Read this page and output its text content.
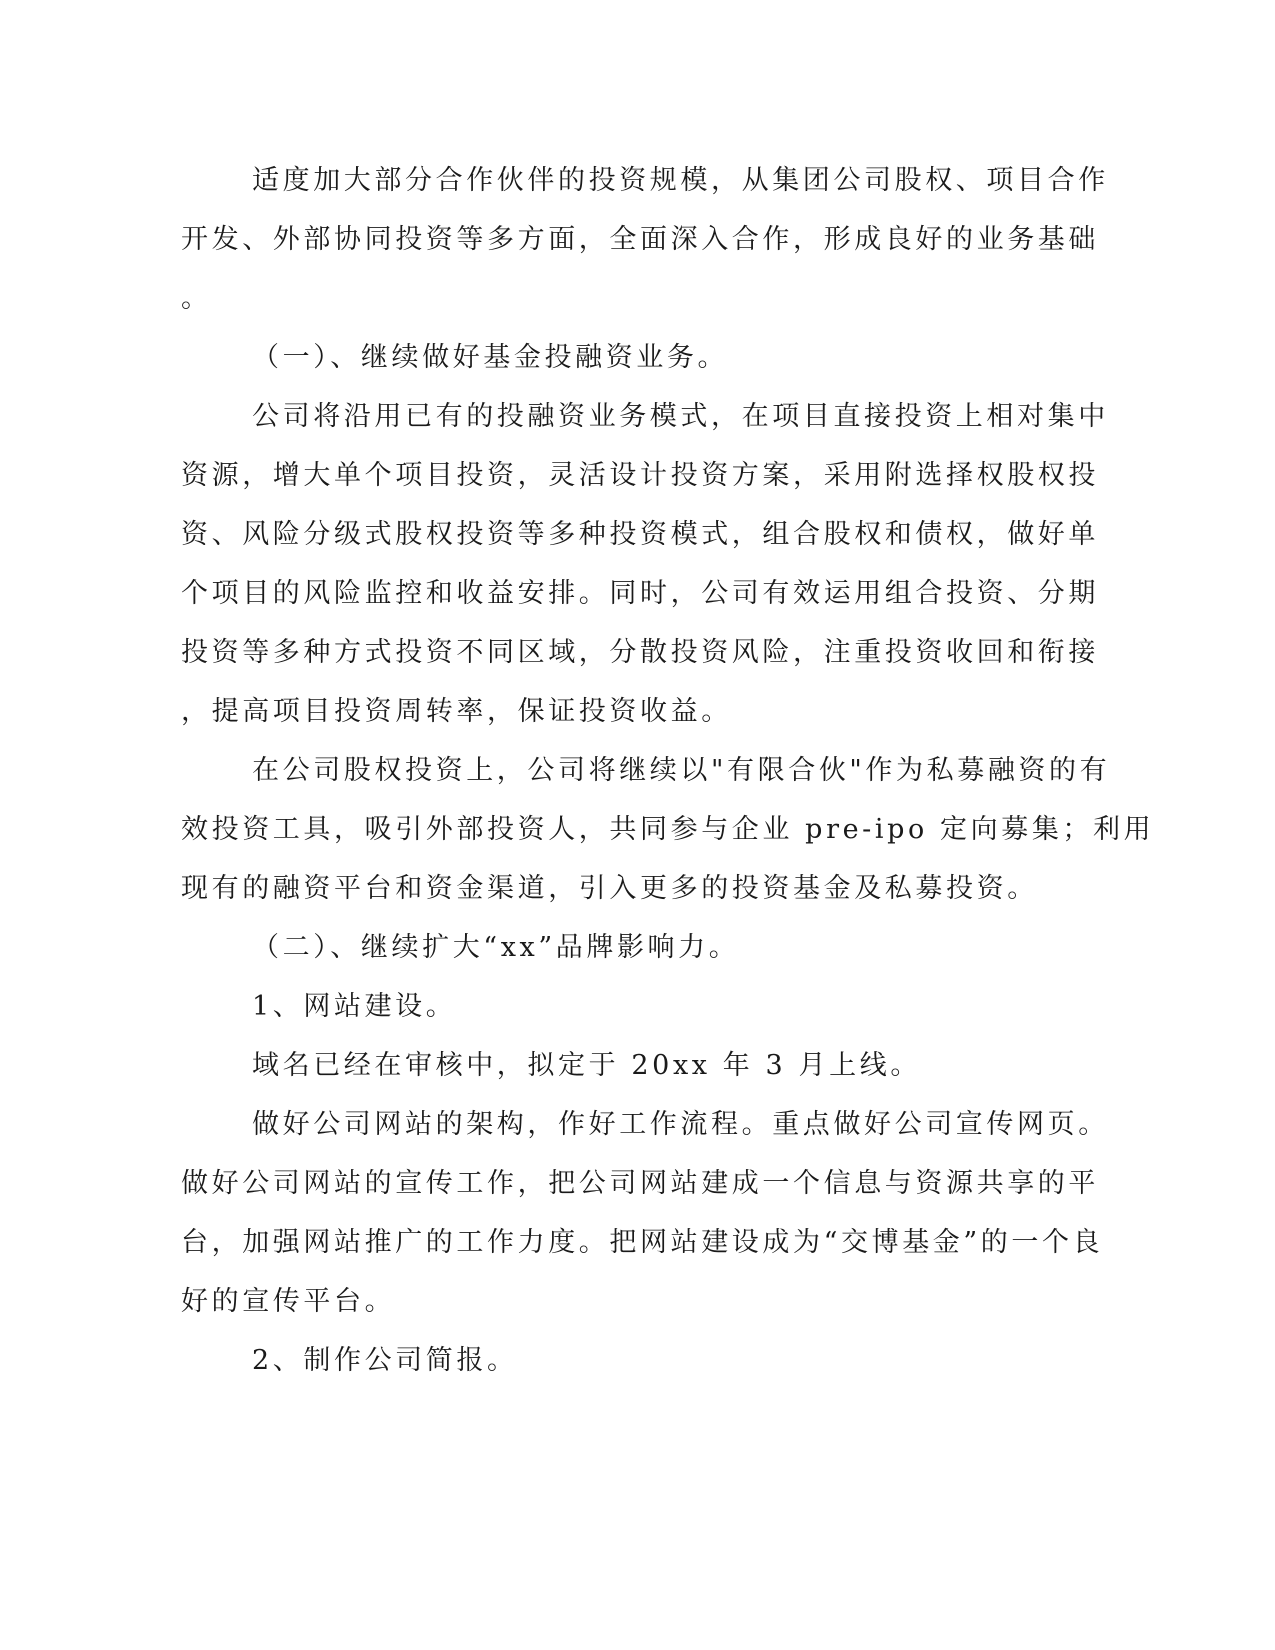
适度加大部分合作伙伴的投资规模，从集团公司股权、项目合作
开发、外部协同投资等多方面，全面深入合作，形成良好的业务基础
。
（一）、继续做好基金投融资业务。
公司将沿用已有的投融资业务模式，在项目直接投资上相对集中
资源，增大单个项目投资，灵活设计投资方案，采用附选择权股权投
资、风险分级式股权投资等多种投资模式，组合股权和债权，做好单
个项目的风险监控和收益安排。同时，公司有效运用组合投资、分期
投资等多种方式投资不同区域，分散投资风险，注重投资收回和衔接
，提高项目投资周转率，保证投资收益。
在公司股权投资上，公司将继续以"有限合伙"作为私募融资的有
效投资工具，吸引外部投资人，共同参与企业 pre-ipo 定向募集；利用
现有的融资平台和资金渠道，引入更多的投资基金及私募投资。
（二）、继续扩大“xx”品牌影响力。
1、网站建设。
域名已经在审核中，拟定于 20xx 年 3 月上线。
做好公司网站的架构，作好工作流程。重点做好公司宣传网页。
做好公司网站的宣传工作，把公司网站建成一个信息与资源共享的平
台，加强网站推广的工作力度。把网站建设成为“交博基金”的一个良
好的宣传平台。
2、制作公司简报。
